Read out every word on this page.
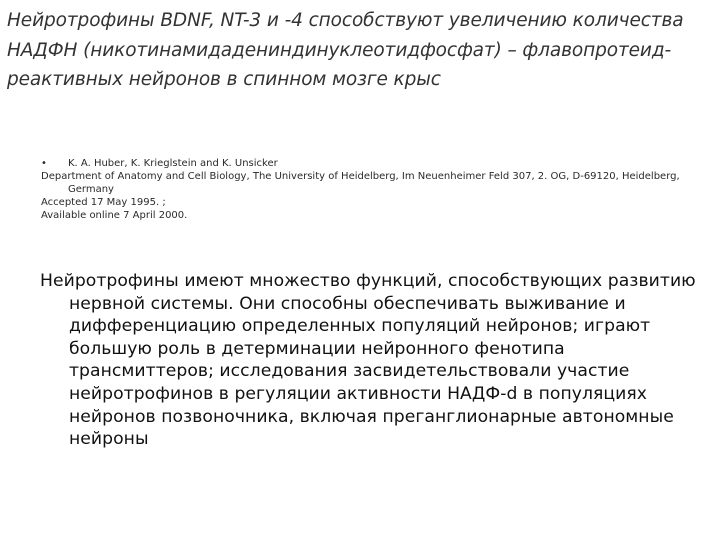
Нейротрофины BDNF, NT-3 и -4 способствуют увеличению количества НАДФН (никотинамидадениндинуклеотидфосфат) – флавопротеид-реактивных нейронов в спинном мозге крыс
•	K. A. Huber, K. Krieglstein and K. Unsicker
Department of Anatomy and Cell Biology, The University of Heidelberg, Im Neuenheimer Feld 307, 2. OG, D-69120, Heidelberg, Germany
Accepted 17 May 1995. ;
Available online 7 April 2000.
Нейротрофины имеют множество функций, способствующих развитию нервной системы. Они способны обеспечивать выживание и дифференциацию определенных популяций нейронов; играют большую роль в детерминации нейронного фенотипа трансмиттеров; исследования засвидетельствовали участие нейротрофинов в регуляции активности НАДФ-d в популяциях нейронов позвоночника, включая преганглионарные автономные нейроны
